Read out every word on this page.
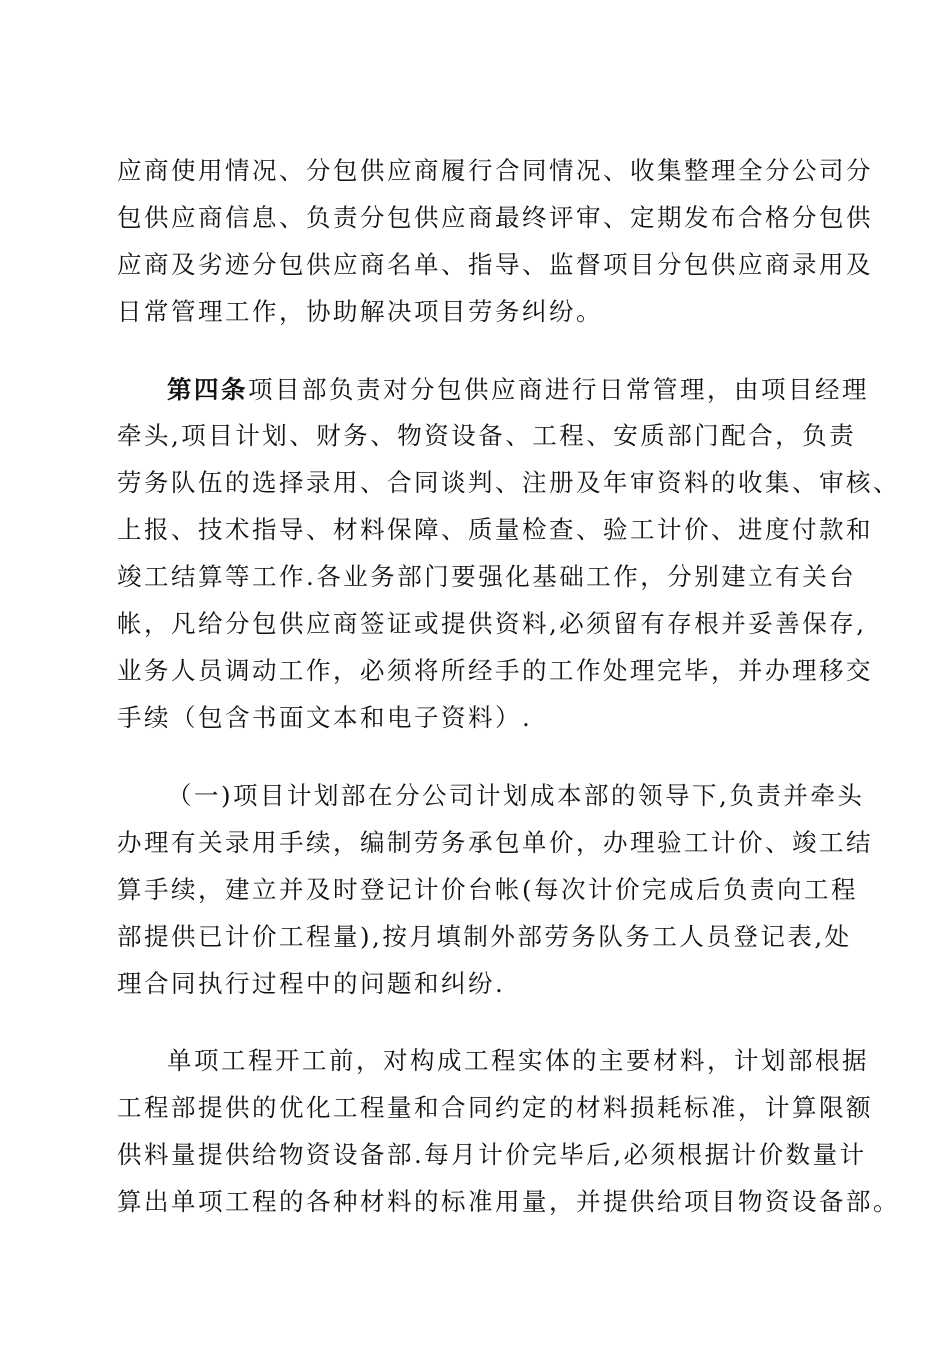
应商使用情况、分包供应商履行合同情况、收集整理全分公司分
包供应商信息、负责分包供应商最终评审、定期发布合格分包供
应商及劣迹分包供应商名单、指导、监督项目分包供应商录用及
日常管理工作，协助解决项目劳务纠纷。
第四条项目部负责对分包供应商进行日常管理，由项目经理
牵头,项目计划、财务、物资设备、工程、安质部门配合，负责
劳务队伍的选择录用、合同谈判、注册及年审资料的收集、审核、
上报、技术指导、材料保障、质量检查、验工计价、进度付款和
竣工结算等工作.各业务部门要强化基础工作，分别建立有关台
帐，凡给分包供应商签证或提供资料,必须留有存根并妥善保存,
业务人员调动工作，必须将所经手的工作处理完毕，并办理移交
手续（包含书面文本和电子资料）.
（一)项目计划部在分公司计划成本部的领导下,负责并牵头
办理有关录用手续，编制劳务承包单价，办理验工计价、竣工结
算手续，建立并及时登记计价台帐(每次计价完成后负责向工程
部提供已计价工程量),按月填制外部劳务队务工人员登记表,处
理合同执行过程中的问题和纠纷.
单项工程开工前，对构成工程实体的主要材料，计划部根据
工程部提供的优化工程量和合同约定的材料损耗标准，计算限额
供料量提供给物资设备部.每月计价完毕后,必须根据计价数量计
算出单项工程的各种材料的标准用量，并提供给项目物资设备部。
